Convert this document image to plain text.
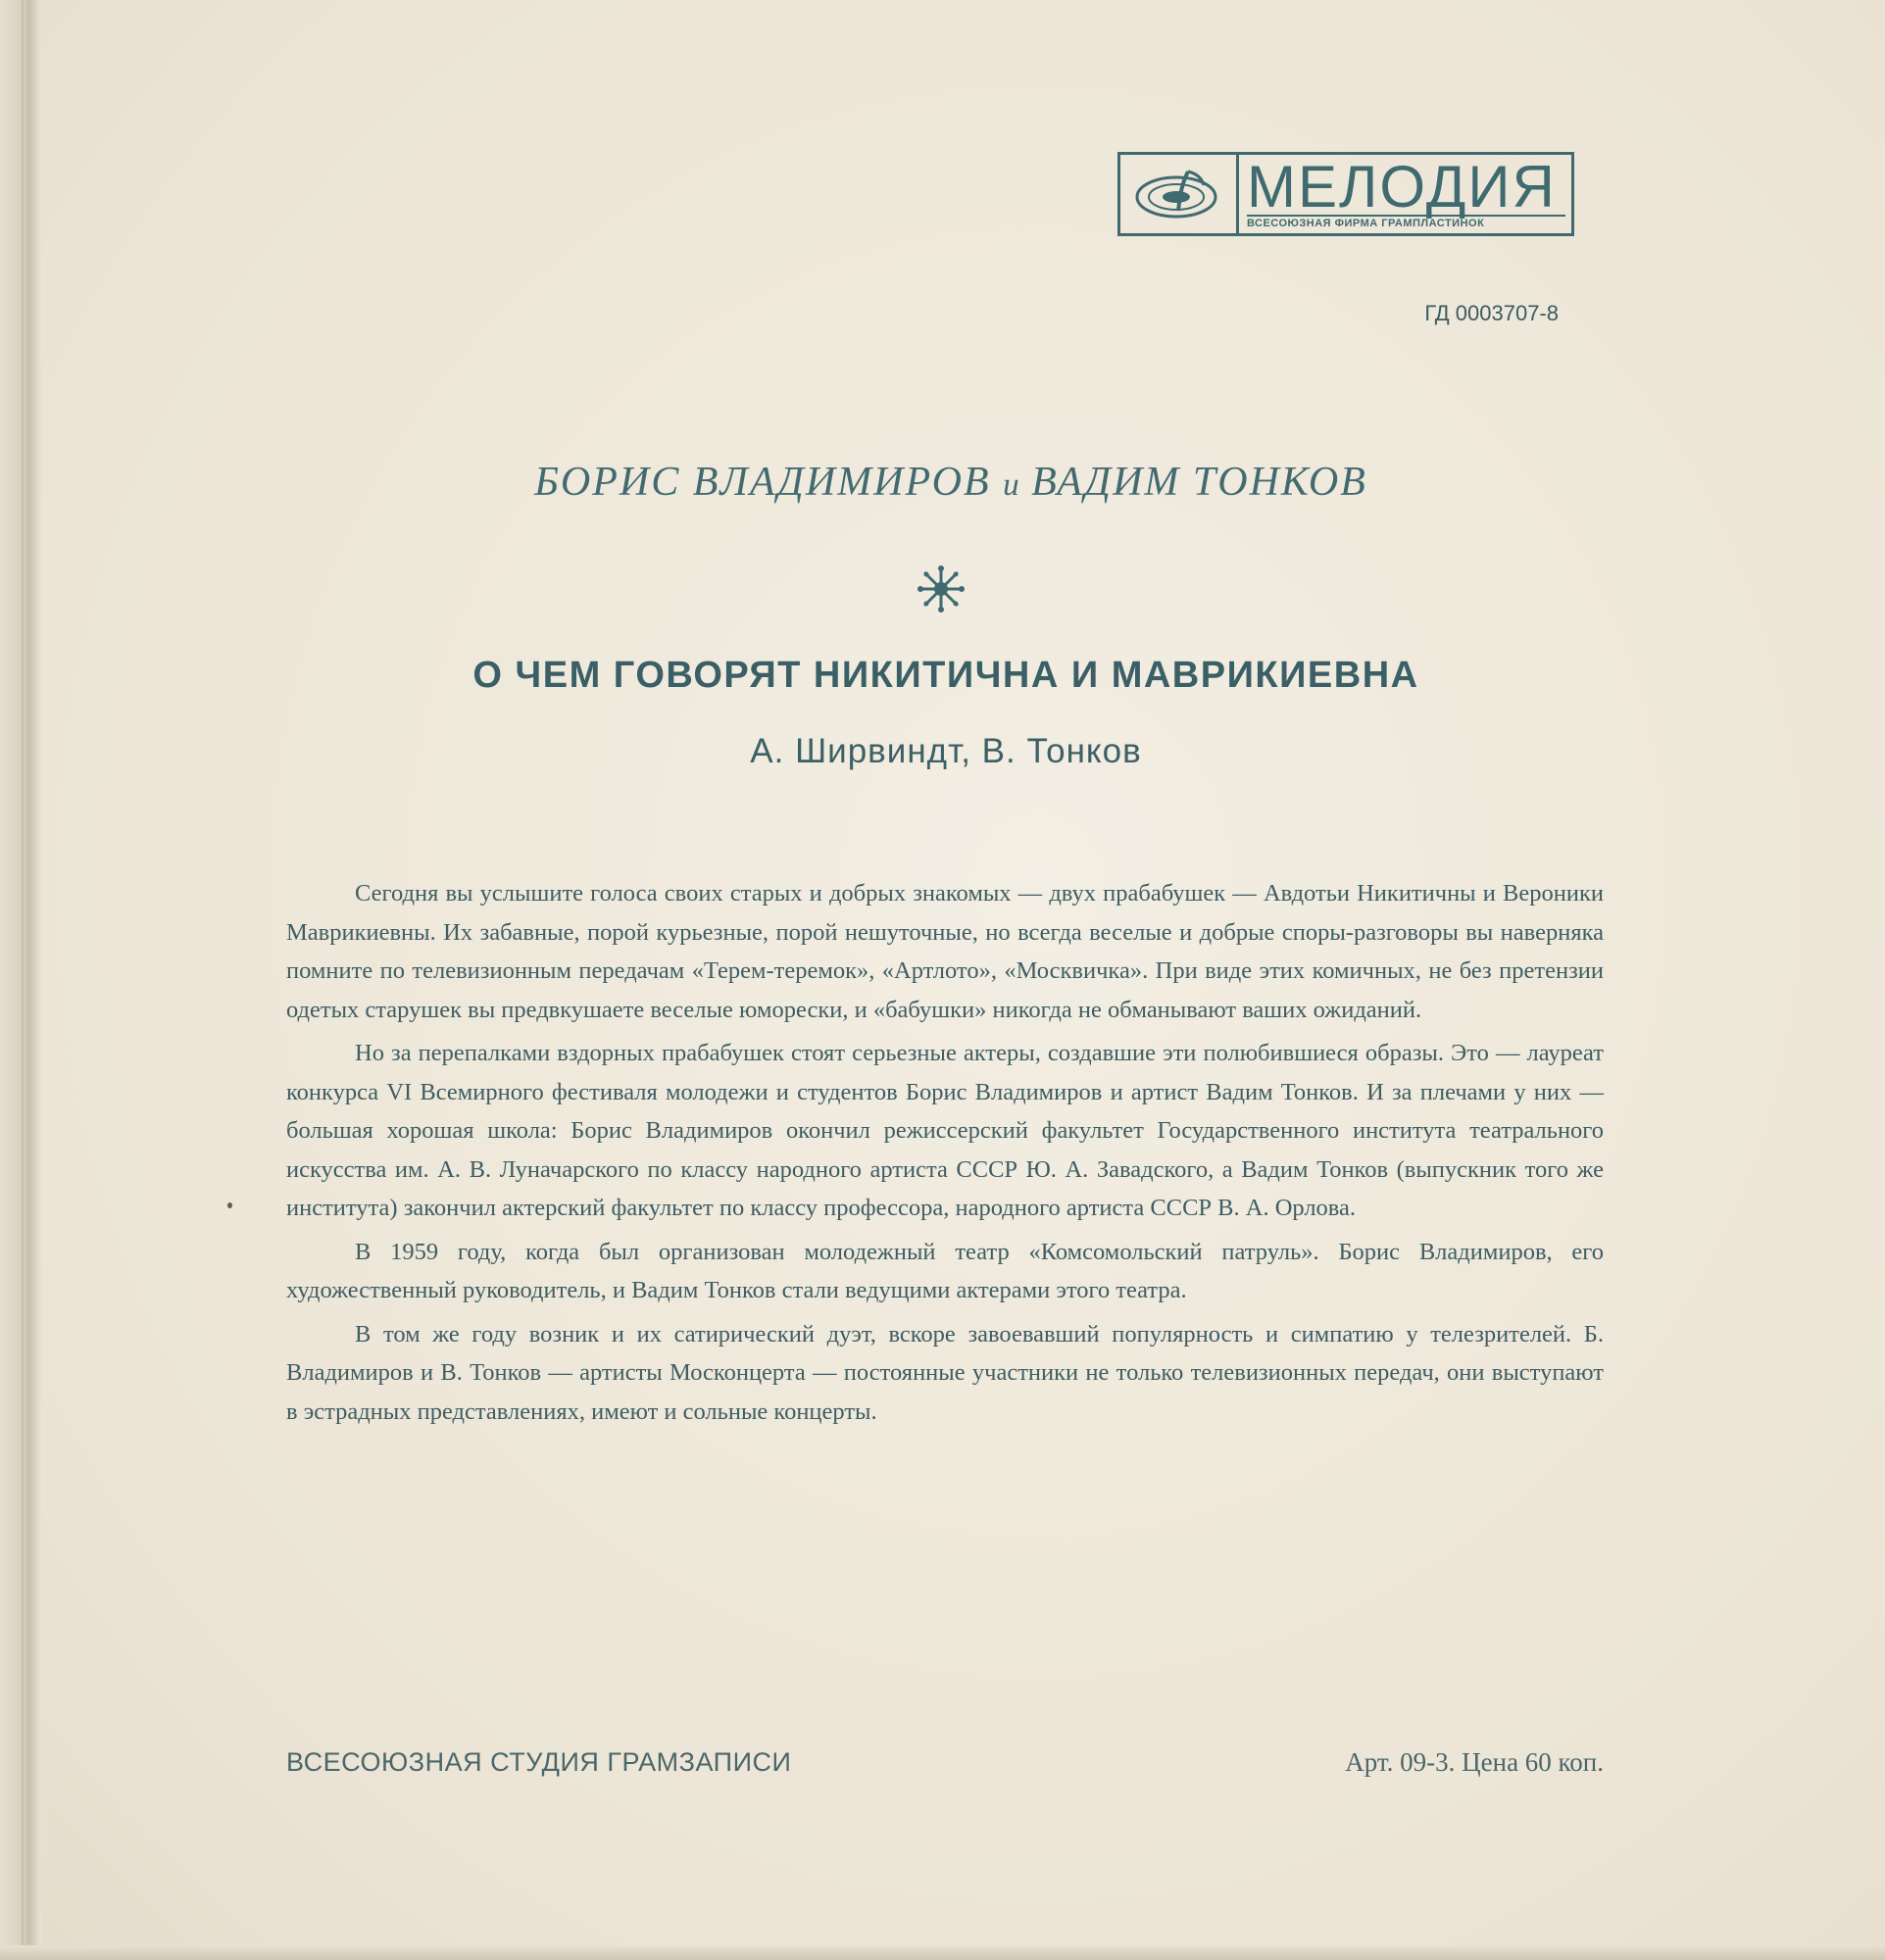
МЕЛОДИЯ
ВСЕСОЮЗНАЯ ФИРМА ГРАМПЛАСТИНОК
ГД 0003707-8
БОРИС ВЛАДИМИРОВ и ВАДИМ ТОНКОВ
О ЧЕМ ГОВОРЯТ НИКИТИЧНА И МАВРИКИЕВНА
А. Ширвиндт, В. Тонков

Сегодня вы услышите голоса своих старых и добрых знакомых — двух прабабушек — Авдотьи Никитичны и Вероники Маврикиевны. Их забавные, порой курьезные, порой нешуточные, но всегда веселые и добрые споры-разговоры вы наверняка помните по телевизионным передачам «Терем-теремок», «Артлото», «Москвичка». При виде этих комичных, не без претензии одетых старушек вы предвкушаете веселые юморески, и «бабушки» никогда не обманывают ваших ожиданий.

Но за перепалками вздорных прабабушек стоят серьезные актеры, создавшие эти полюбившиеся образы. Это — лауреат конкурса VI Всемирного фестиваля молодежи и студентов Борис Владимиров и артист Вадим Тонков. И за плечами у них — большая хорошая школа: Борис Владимиров окончил режиссерский факультет Государственного института театрального искусства им. А. В. Луначарского по классу народного артиста СССР Ю. А. Завадского, а Вадим Тонков (выпускник того же института) закончил актерский факультет по классу профессора, народного артиста СССР В. А. Орлова.

В 1959 году, когда был организован молодежный театр «Комсомольский патруль». Борис Владимиров, его художественный руководитель, и Вадим Тонков стали ведущими актерами этого театра.

В том же году возник и их сатирический дуэт, вскоре завоевавший популярность и симпатию у телезрителей. Б. Владимиров и В. Тонков — артисты Москонцерта — постоянные участники не только телевизионных передач, они выступают в эстрадных представлениях, имеют и сольные концерты.

ВСЕСОЮЗНАЯ СТУДИЯ ГРАМЗАПИСИ	Арт. 09-3. Цена 60 коп.
